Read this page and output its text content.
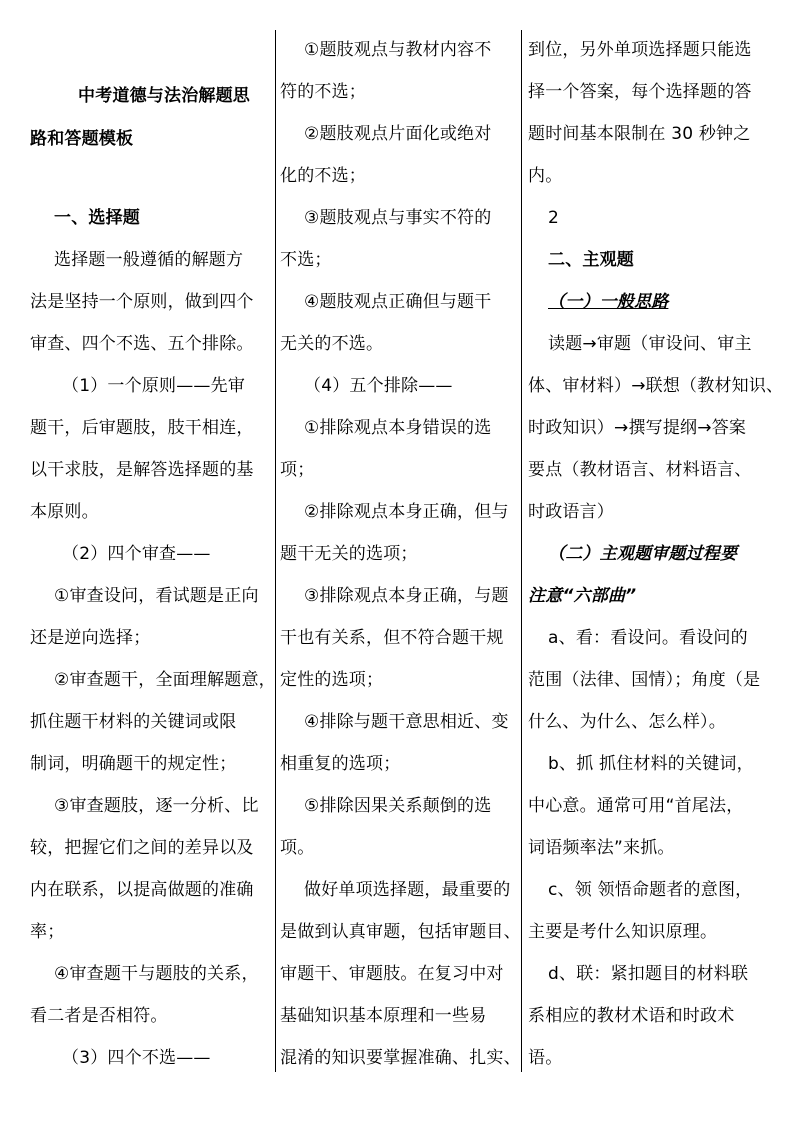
中考道德与法治解题思
路和答题模板
一、选择题
选择题一般遵循的解题方
法是坚持一个原则，做到四个
审查、四个不选、五个排除。
（1）一个原则——先审
题干，后审题肢，肢干相连，
以干求肢，是解答选择题的基
本原则。
（2）四个审查——
①审查设问，看试题是正向
还是逆向选择；
②审查题干，全面理解题意，
抓住题干材料的关键词或限
制词，明确题干的规定性；
③审查题肢，逐一分析、比
较，把握它们之间的差异以及
内在联系，以提高做题的准确
率；
④审查题干与题肢的关系，
看二者是否相符。
（3）四个不选——
①题肢观点与教材内容不
符的不选；
②题肢观点片面化或绝对
化的不选；
③题肢观点与事实不符的
不选；
④题肢观点正确但与题干
无关的不选。
（4）五个排除——
①排除观点本身错误的选
项；
②排除观点本身正确，但与
题干无关的选项；
③排除观点本身正确，与题
干也有关系，但不符合题干规
定性的选项；
④排除与题干意思相近、变
相重复的选项；
⑤排除因果关系颠倒的选
项。
做好单项选择题，最重要的
是做到认真审题，包括审题目、
审题干、审题肢。在复习中对
基础知识基本原理和一些易
混淆的知识要掌握准确、扎实、
到位，另外单项选择题只能选
择一个答案，每个选择题的答
题时间基本限制在 30 秒钟之
内。
2
二、主观题
（一）一般思路
读题→审题（审设问、审主
体、审材料）→联想（教材知识、
时政知识）→撰写提纲→答案
要点（教材语言、材料语言、
时政语言）
（二）主观题审题过程要
注意“六部曲”
a、看：看设问。看设问的
范围（法律、国情）；角度（是
什么、为什么、怎么样）。
b、抓 抓住材料的关键词，
中心意。通常可用“首尾法，
词语频率法”来抓。
c、领 领悟命题者的意图，
主要是考什么知识原理。
d、联：紧扣题目的材料联
系相应的教材术语和时政术
语。
